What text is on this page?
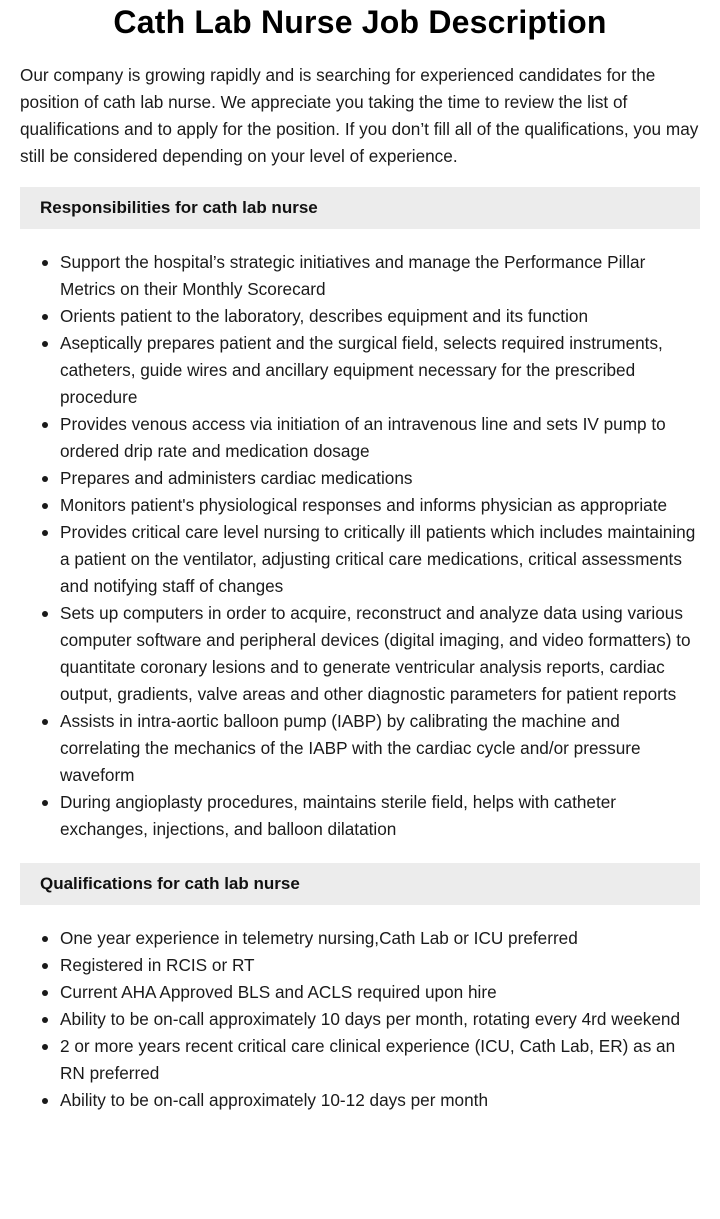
Cath Lab Nurse Job Description

Our company is growing rapidly and is searching for experienced candidates for the position of cath lab nurse. We appreciate you taking the time to review the list of qualifications and to apply for the position. If you don’t fill all of the qualifications, you may still be considered depending on your level of experience.

Responsibilities for cath lab nurse
Support the hospital’s strategic initiatives and manage the Performance Pillar Metrics on their Monthly Scorecard
Orients patient to the laboratory, describes equipment and its function
Aseptically prepares patient and the surgical field, selects required instruments, catheters, guide wires and ancillary equipment necessary for the prescribed procedure
Provides venous access via initiation of an intravenous line and sets IV pump to ordered drip rate and medication dosage
Prepares and administers cardiac medications
Monitors patient's physiological responses and informs physician as appropriate
Provides critical care level nursing to critically ill patients which includes maintaining a patient on the ventilator, adjusting critical care medications, critical assessments and notifying staff of changes
Sets up computers in order to acquire, reconstruct and analyze data using various computer software and peripheral devices (digital imaging, and video formatters) to quantitate coronary lesions and to generate ventricular analysis reports, cardiac output, gradients, valve areas and other diagnostic parameters for patient reports
Assists in intra-aortic balloon pump (IABP) by calibrating the machine and correlating the mechanics of the IABP with the cardiac cycle and/or pressure waveform
During angioplasty procedures, maintains sterile field, helps with catheter exchanges, injections, and balloon dilatation
Qualifications for cath lab nurse
One year experience in telemetry nursing,Cath Lab or ICU preferred
Registered in RCIS or RT
Current AHA Approved BLS and ACLS required upon hire
Ability to be on-call approximately 10 days per month, rotating every 4rd weekend
2 or more years recent critical care clinical experience (ICU, Cath Lab, ER) as an RN preferred
Ability to be on-call approximately 10-12 days per month
